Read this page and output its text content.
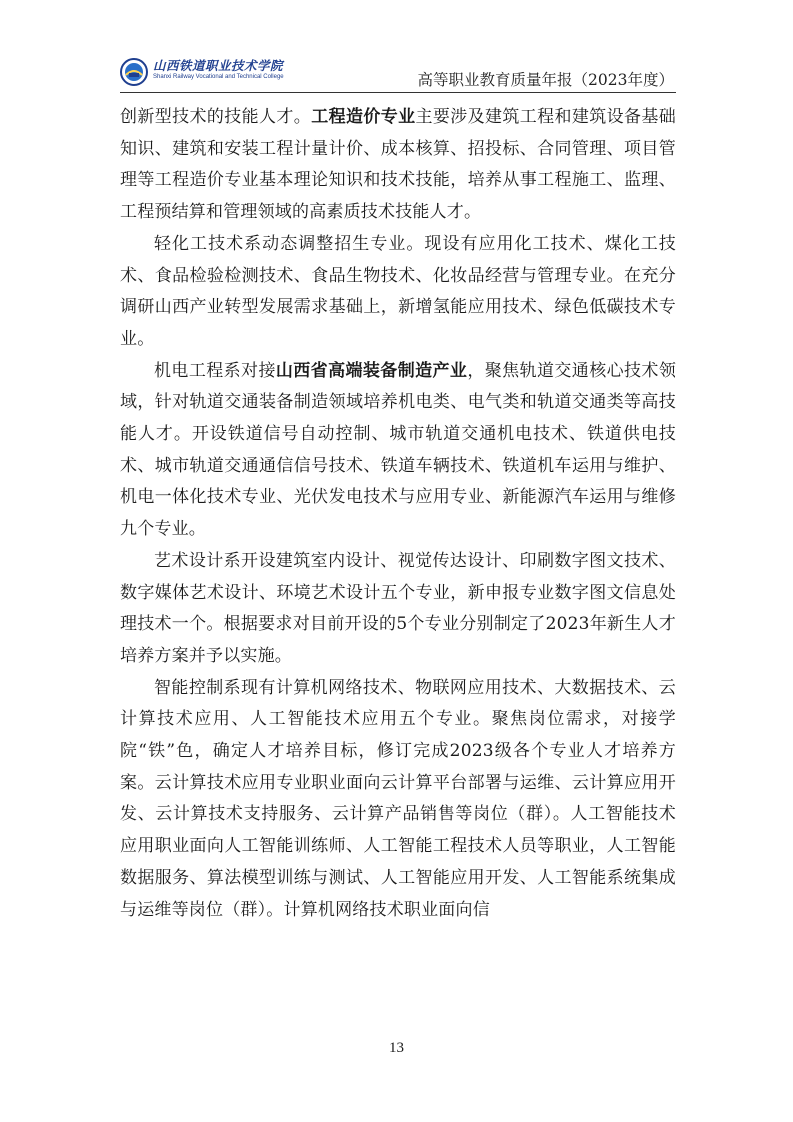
山西铁道职业技术学院
Shanxi Railway Vocational and Technical College	高等职业教育质量年报（2023年度）

创新型技术的技能人才。工程造价专业主要涉及建筑工程和建筑设备基础知识、建筑和安装工程计量计价、成本核算、招投标、合同管理、项目管理等工程造价专业基本理论知识和技术技能，培养从事工程施工、监理、工程预结算和管理领域的高素质技术技能人才。

轻化工技术系动态调整招生专业。现设有应用化工技术、煤化工技术、食品检验检测技术、食品生物技术、化妆品经营与管理专业。在充分调研山西产业转型发展需求基础上，新增氢能应用技术、绿色低碳技术专业。

机电工程系对接山西省高端装备制造产业，聚焦轨道交通核心技术领域，针对轨道交通装备制造领域培养机电类、电气类和轨道交通类等高技能人才。开设铁道信号自动控制、城市轨道交通机电技术、铁道供电技术、城市轨道交通通信信号技术、铁道车辆技术、铁道机车运用与维护、机电一体化技术专业、光伏发电技术与应用专业、新能源汽车运用与维修九个专业。

艺术设计系开设建筑室内设计、视觉传达设计、印刷数字图文技术、数字媒体艺术设计、环境艺术设计五个专业，新申报专业数字图文信息处理技术一个。根据要求对目前开设的5个专业分别制定了2023年新生人才培养方案并予以实施。

智能控制系现有计算机网络技术、物联网应用技术、大数据技术、云计算技术应用、人工智能技术应用五个专业。聚焦岗位需求，对接学院“铁”色，确定人才培养目标，修订完成2023级各个专业人才培养方案。云计算技术应用专业职业面向云计算平台部署与运维、云计算应用开发、云计算技术支持服务、云计算产品销售等岗位（群）。人工智能技术应用职业面向人工智能训练师、人工智能工程技术人员等职业，人工智能数据服务、算法模型训练与测试、人工智能应用开发、人工智能系统集成与运维等岗位（群）。计算机网络技术职业面向信

13
